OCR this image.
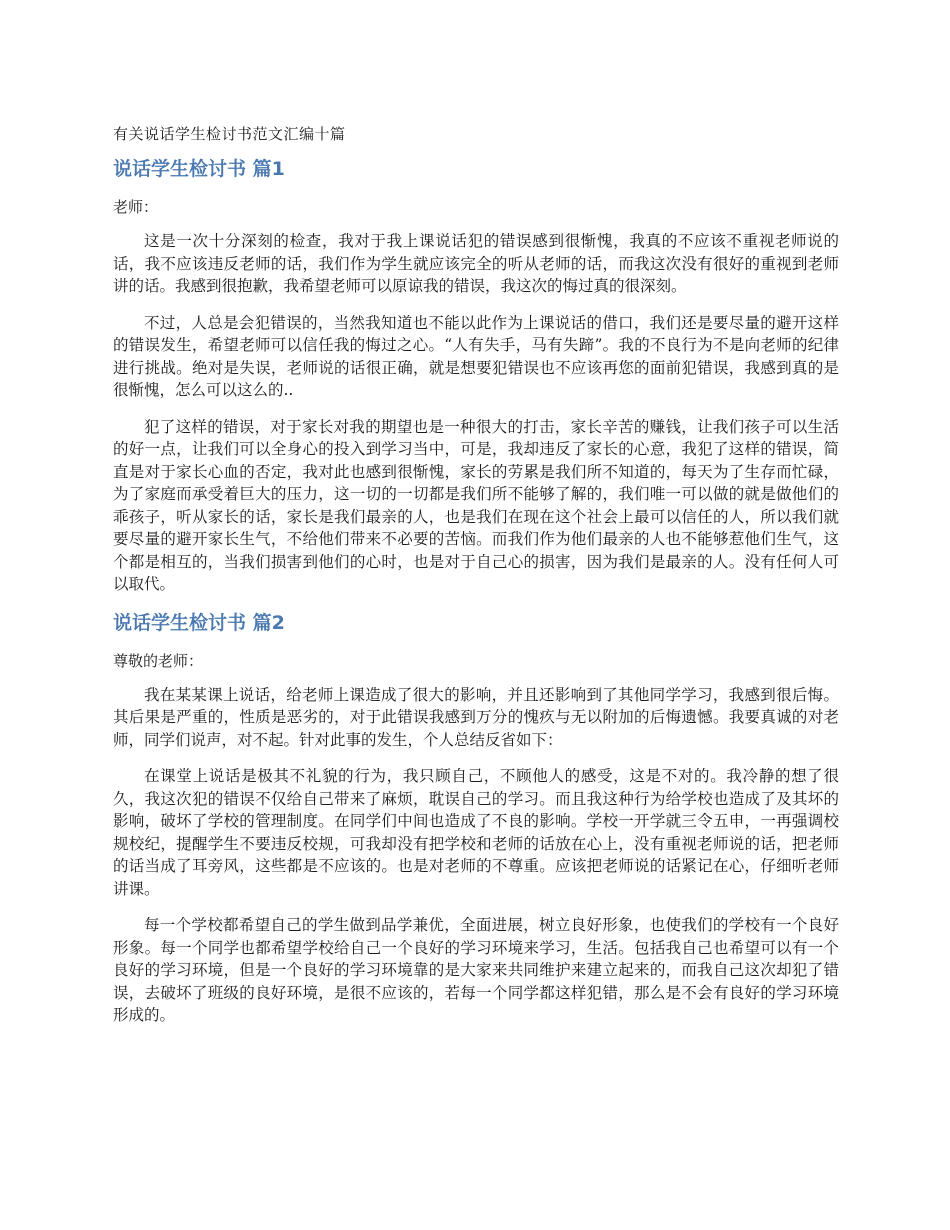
有关说话学生检讨书范文汇编十篇
说话学生检讨书 篇1
老师：

这是一次十分深刻的检查，我对于我上课说话犯的错误感到很惭愧，我真的不应该不重视老师说的话，我不应该违反老师的话，我们作为学生就应该完全的听从老师的话，而我这次没有很好的重视到老师讲的话。我感到很抱歉，我希望老师可以原谅我的错误，我这次的悔过真的很深刻。

不过，人总是会犯错误的，当然我知道也不能以此作为上课说话的借口，我们还是要尽量的避开这样的错误发生，希望老师可以信任我的悔过之心。“人有失手，马有失蹄”。我的不良行为不是向老师的纪律进行挑战。绝对是失误，老师说的话很正确，就是想要犯错误也不应该再您的面前犯错误，我感到真的是很惭愧，怎么可以这么的..

犯了这样的错误，对于家长对我的期望也是一种很大的打击，家长辛苦的赚钱，让我们孩子可以生活的好一点，让我们可以全身心的投入到学习当中，可是，我却违反了家长的心意，我犯了这样的错误，简直是对于家长心血的否定，我对此也感到很惭愧，家长的劳累是我们所不知道的，每天为了生存而忙碌，为了家庭而承受着巨大的压力，这一切的一切都是我们所不能够了解的，我们唯一可以做的就是做他们的乖孩子，听从家长的话，家长是我们最亲的人，也是我们在现在这个社会上最可以信任的人，所以我们就要尽量的避开家长生气，不给他们带来不必要的苦恼。而我们作为他们最亲的人也不能够惹他们生气，这个都是相互的，当我们损害到他们的心时，也是对于自己心的损害，因为我们是最亲的人。没有任何人可以取代。

说话学生检讨书 篇2
尊敬的老师：

我在某某课上说话，给老师上课造成了很大的影响，并且还影响到了其他同学学习，我感到很后悔。其后果是严重的，性质是恶劣的，对于此错误我感到万分的愧疚与无以附加的后悔遗憾。我要真诚的对老师，同学们说声，对不起。针对此事的发生，个人总结反省如下：

在课堂上说话是极其不礼貌的行为，我只顾自己，不顾他人的感受，这是不对的。我冷静的想了很久，我这次犯的错误不仅给自己带来了麻烦，耽误自己的学习。而且我这种行为给学校也造成了及其坏的影响，破坏了学校的管理制度。在同学们中间也造成了不良的影响。学校一开学就三令五申，一再强调校规校纪，提醒学生不要违反校规，可我却没有把学校和老师的话放在心上，没有重视老师说的话，把老师的话当成了耳旁风，这些都是不应该的。也是对老师的不尊重。应该把老师说的话紧记在心，仔细听老师讲课。

每一个学校都希望自己的学生做到品学兼优，全面进展，树立良好形象，也使我们的学校有一个良好形象。每一个同学也都希望学校给自己一个良好的学习环境来学习，生活。包括我自己也希望可以有一个良好的学习环境，但是一个良好的学习环境靠的是大家来共同维护来建立起来的，而我自己这次却犯了错误，去破坏了班级的良好环境，是很不应该的，若每一个同学都这样犯错，那么是不会有良好的学习环境形成的。
